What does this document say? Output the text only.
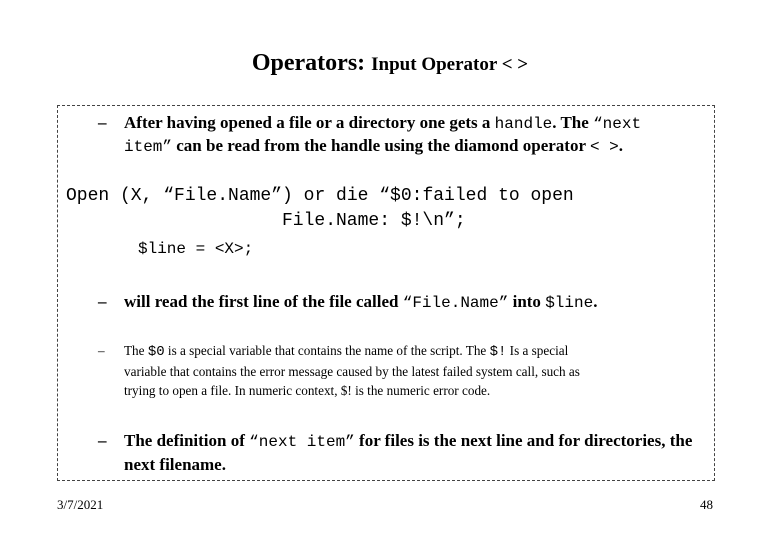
Operators: Input Operator < >
– After having opened a file or a directory one gets a handle. The “next
item” can be read from the handle using the diamond operator < >.
Open (X, “File.Name”) or die “$0:failed to open
File.Name: $!\n”;
$line = <X>;
– will read the first line of the file called “File.Name” into $line.
– The $0 is a special variable that contains the name of the script. The $! Is a special
variable that contains the error message caused by the latest failed system call, such as
trying to open a file. In numeric context, $! is the numeric error code.
– The definition of “next item” for files is the next line and for directories, the
next filename.
3/7/2021	48
